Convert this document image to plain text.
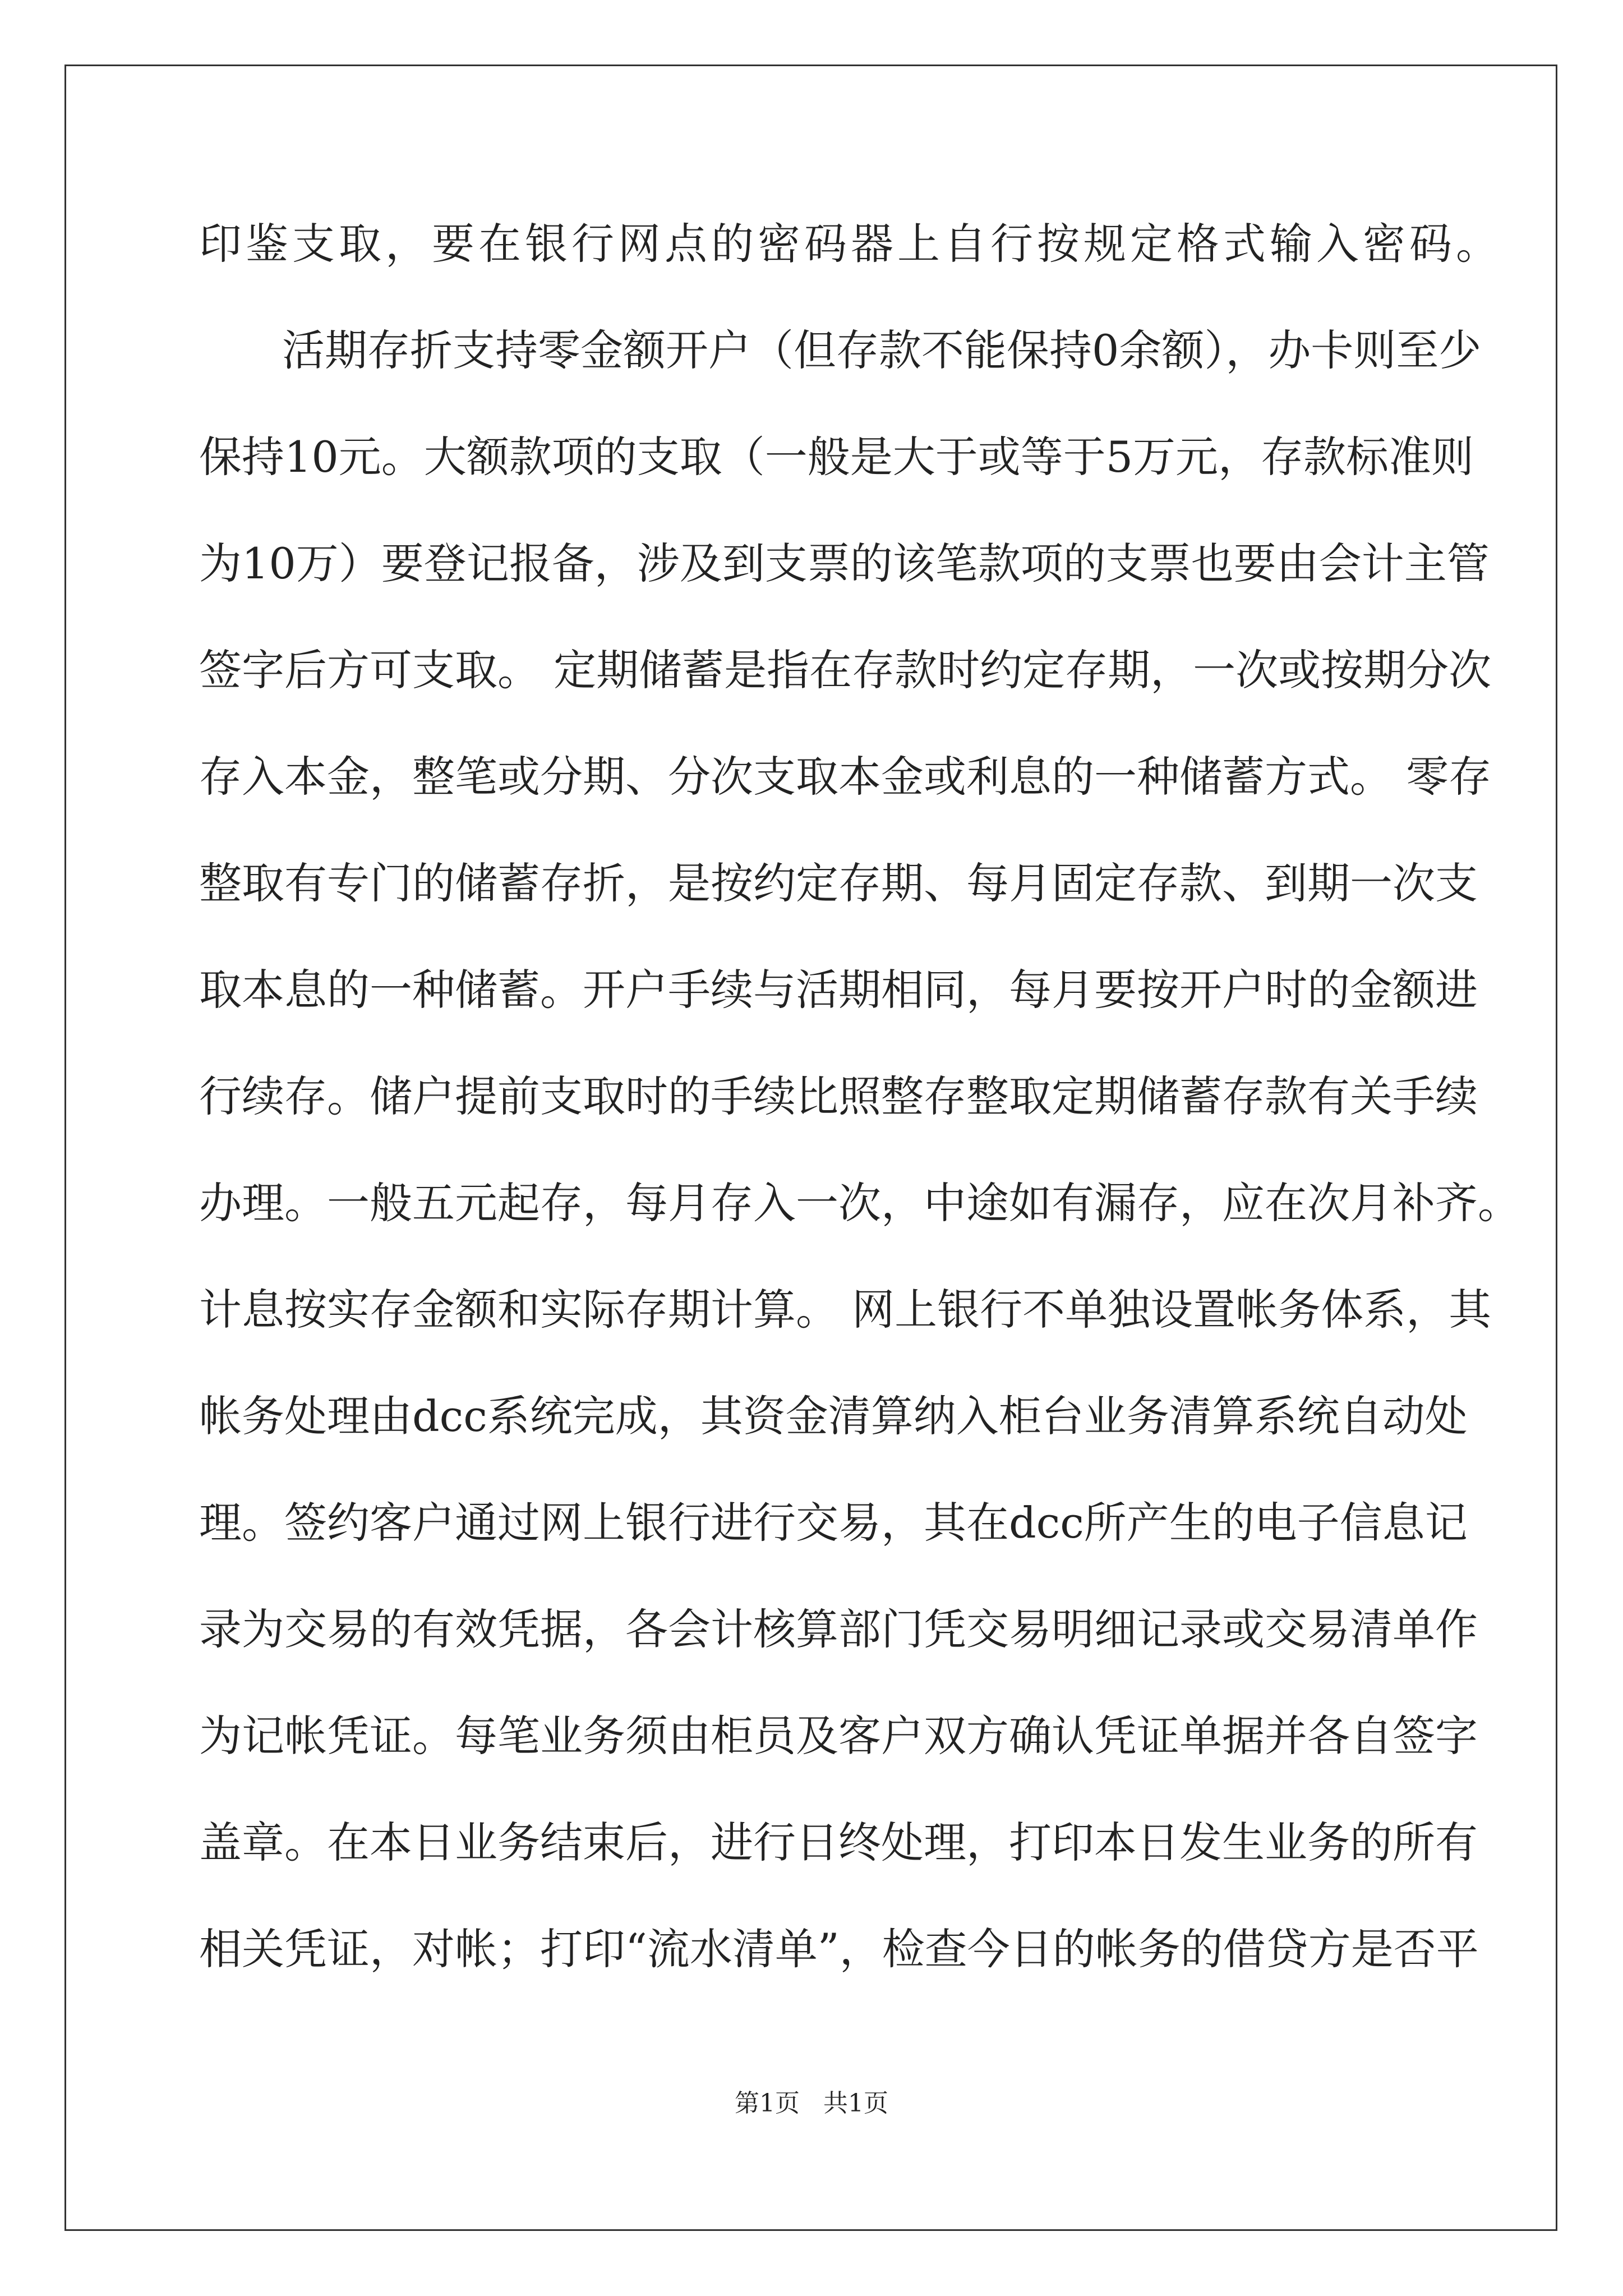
印鉴支取，要在银行网点的密码器上自行按规定格式输入密码。
活期存折支持零金额开户（但存款不能保持0余额），办卡则至少
保持10元。大额款项的支取（一般是大于或等于5万元，存款标准则
为10万）要登记报备，涉及到支票的该笔款项的支票也要由会计主管
签字后方可支取。 定期储蓄是指在存款时约定存期，一次或按期分次
存入本金，整笔或分期、分次支取本金或利息的一种储蓄方式。 零存
整取有专门的储蓄存折，是按约定存期、每月固定存款、到期一次支
取本息的一种储蓄。开户手续与活期相同，每月要按开户时的金额进
行续存。储户提前支取时的手续比照整存整取定期储蓄存款有关手续
办理。一般五元起存，每月存入一次，中途如有漏存，应在次月补齐。
计息按实存金额和实际存期计算。 网上银行不单独设置帐务体系，其
帐务处理由dcc系统完成，其资金清算纳入柜台业务清算系统自动处
理。签约客户通过网上银行进行交易，其在dcc所产生的电子信息记
录为交易的有效凭据，各会计核算部门凭交易明细记录或交易清单作
为记帐凭证。每笔业务须由柜员及客户双方确认凭证单据并各自签字
盖章。在本日业务结束后，进行日终处理，打印本日发生业务的所有
相关凭证，对帐；打印“流水清单”，检查今日的帐务的借贷方是否平
第1页   共1页
